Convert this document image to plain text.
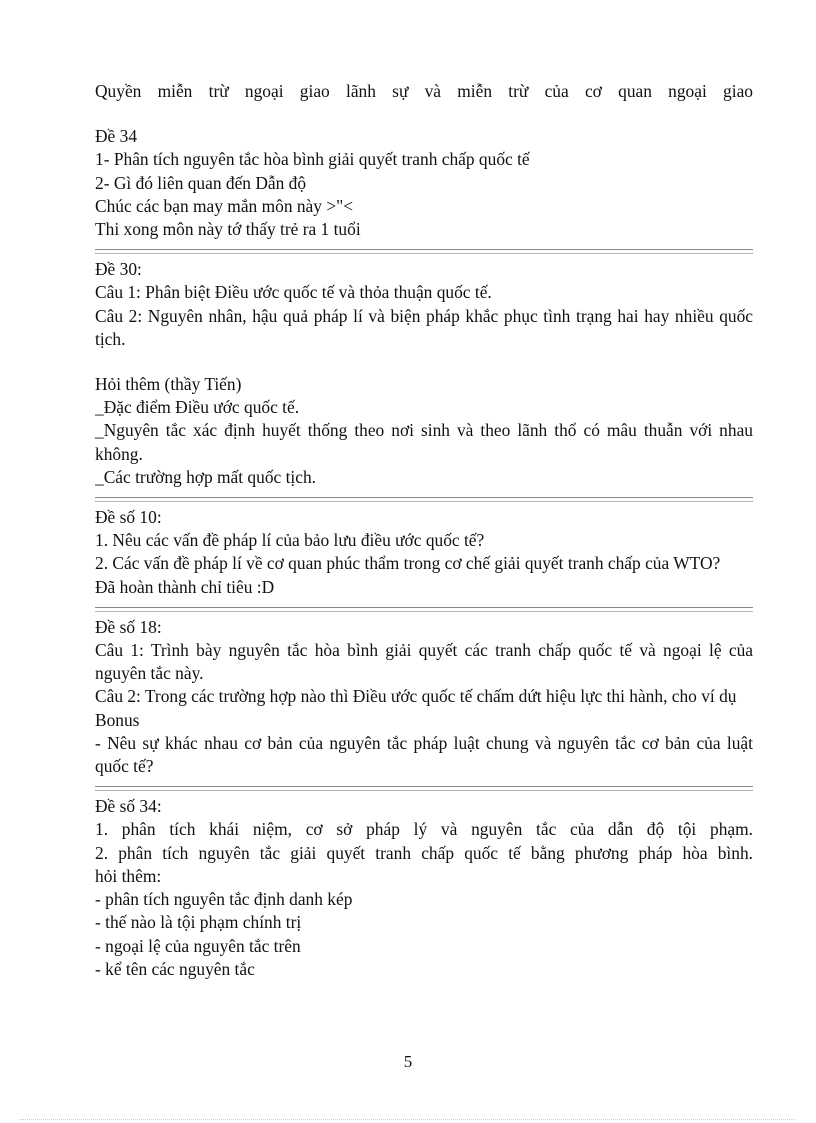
Quyền miễn trừ ngoại giao lãnh sự và miễn trừ của cơ quan ngoại giao
Đề 34
1- Phân tích nguyên tắc hòa bình giải quyết tranh chấp quốc tế
2- Gì đó liên quan đến Dẫn độ
Chúc các bạn may mắn môn này >"<
Thi xong môn này tớ thấy trẻ ra 1 tuổi
Đề 30:
Câu 1: Phân biệt Điều ước quốc tế và thỏa thuận quốc tế.
Câu 2: Nguyên nhân, hậu quả pháp lí và biện pháp khắc phục tình trạng hai hay nhiều quốc tịch.
Hỏi thêm (thầy Tiến)
_Đặc điểm Điều ước quốc tế.
_Nguyên tắc xác định huyết thống theo nơi sinh và theo lãnh thổ có mâu thuẫn với nhau không.
_Các trường hợp mất quốc tịch.
Đề số 10:
1. Nêu các vấn đề pháp lí của bảo lưu điều ước quốc tế?
2. Các vấn đề pháp lí về cơ quan phúc thẩm trong cơ chế giải quyết tranh chấp của WTO?
Đã hoàn thành chỉ tiêu :D
Đề số 18:
Câu 1: Trình bày nguyên tắc hòa bình giải quyết các tranh chấp quốc tế và ngoại lệ của nguyên tắc này.
Câu 2: Trong các trường hợp nào thì Điều ước quốc tế chấm dứt hiệu lực thi hành, cho ví dụ
Bonus
- Nêu sự khác nhau cơ bản của nguyên tắc pháp luật chung và nguyên tắc cơ bản của luật quốc tế?
Đề số 34:
1. phân tích khái niệm, cơ sở pháp lý và nguyên tắc của dẫn độ tội phạm.
2. phân tích nguyên tắc giải quyết tranh chấp quốc tế bằng phương pháp hòa bình.
hỏi thêm:
- phân tích nguyên tắc định danh kép
- thế nào là tội phạm chính trị
- ngoại lệ của nguyên tắc trên
- kể tên các nguyên tắc
5
